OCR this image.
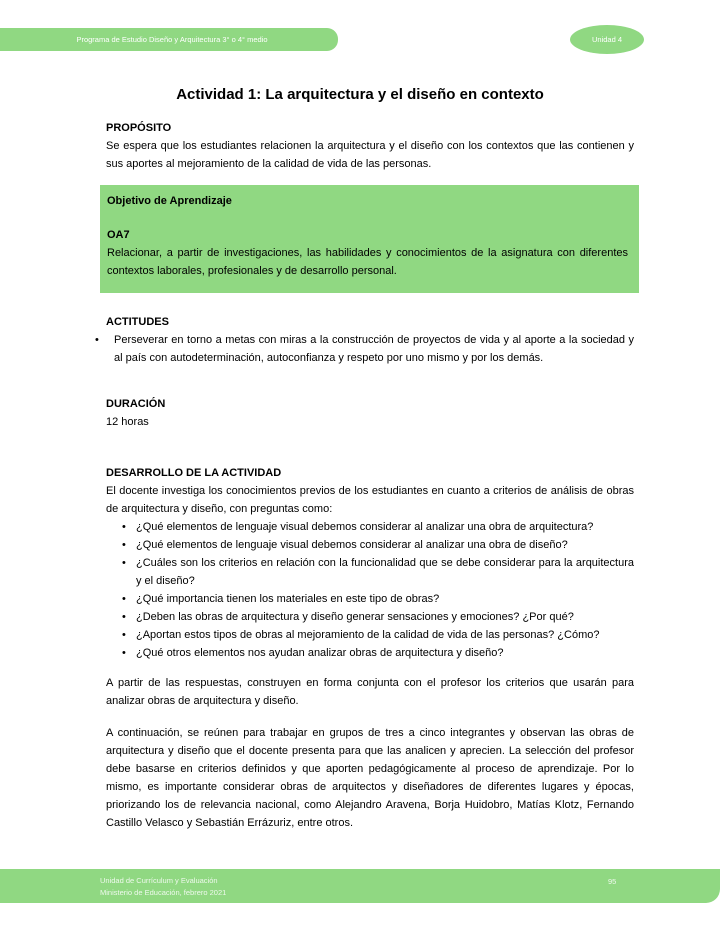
Programa de Estudio Diseño y Arquitectura 3° o 4° medio	Unidad 4
Actividad 1: La arquitectura y el diseño en contexto
PROPÓSITO

Se espera que los estudiantes relacionen la arquitectura y el diseño con los contextos que las contienen y sus aportes al mejoramiento de la calidad de vida de las personas.

Objetivo de Aprendizaje
OA7

Relacionar, a partir de investigaciones, las habilidades y conocimientos de la asignatura con diferentes contextos laborales, profesionales y de desarrollo personal.

ACTITUDES
• Perseverar en torno a metas con miras a la construcción de proyectos de vida y al aporte a la sociedad y al país con autodeterminación, autoconfianza y respeto por uno mismo y por los demás.
DURACIÓN

12 horas

DESARROLLO DE LA ACTIVIDAD

El docente investiga los conocimientos previos de los estudiantes en cuanto a criterios de análisis de obras de arquitectura y diseño, con preguntas como:

• ¿Qué elementos de lenguaje visual debemos considerar al analizar una obra de arquitectura?
• ¿Qué elementos de lenguaje visual debemos considerar al analizar una obra de diseño?
• ¿Cuáles son los criterios en relación con la funcionalidad que se debe considerar para la arquitectura y el diseño?
• ¿Qué importancia tienen los materiales en este tipo de obras?
• ¿Deben las obras de arquitectura y diseño generar sensaciones y emociones? ¿Por qué?
• ¿Aportan estos tipos de obras al mejoramiento de la calidad de vida de las personas? ¿Cómo?
• ¿Qué otros elementos nos ayudan analizar obras de arquitectura y diseño?

A partir de las respuestas, construyen en forma conjunta con el profesor los criterios que usarán para analizar obras de arquitectura y diseño.

A continuación, se reúnen para trabajar en grupos de tres a cinco integrantes y observan las obras de arquitectura y diseño que el docente presenta para que las analicen y aprecien. La selección del profesor debe basarse en criterios definidos y que aporten pedagógicamente al proceso de aprendizaje. Por lo mismo, es importante considerar obras de arquitectos y diseñadores de diferentes lugares y épocas, priorizando los de relevancia nacional, como Alejandro Aravena, Borja Huidobro, Matías Klotz, Fernando Castillo Velasco y Sebastián Errázuriz, entre otros.

Unidad de Currículum y Evaluación
Ministerio de Educación, febrero 2021
95
